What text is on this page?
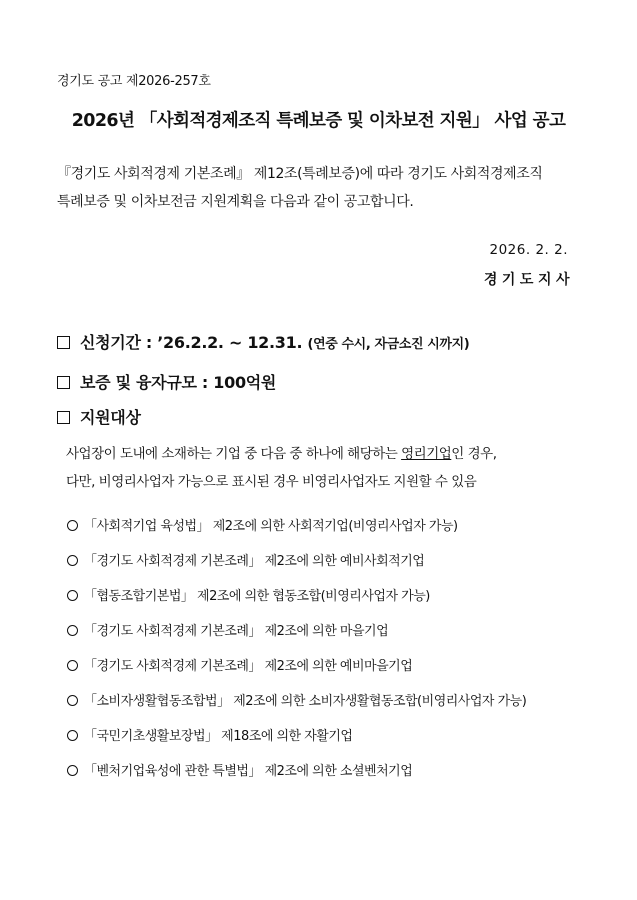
경기도 공고 제2026-257호
2026년 「사회적경제조직 특례보증 및 이차보전 지원」 사업 공고
『경기도 사회적경제 기본조례』 제12조(특례보증)에 따라 경기도 사회적경제조직
특례보증 및 이차보전금 지원계획을 다음과 같이 공고합니다.
2026. 2. 2.
경기도지사
신청기간 : ’26.2.2. ~ 12.31. (연중 수시, 자금소진 시까지)
보증 및 융자규모 : 100억원
지원대상
사업장이 도내에 소재하는 기업 중 다음 중 하나에 해당하는 영리기업인 경우,
다만, 비영리사업자 가능으로 표시된 경우 비영리사업자도 지원할 수 있음
「사회적기업 육성법」 제2조에 의한 사회적기업(비영리사업자 가능)
「경기도 사회적경제 기본조례」 제2조에 의한 예비사회적기업
「협동조합기본법」 제2조에 의한 협동조합(비영리사업자 가능)
「경기도 사회적경제 기본조례」 제2조에 의한 마을기업
「경기도 사회적경제 기본조례」 제2조에 의한 예비마을기업
「소비자생활협동조합법」 제2조에 의한 소비자생활협동조합(비영리사업자 가능)
「국민기초생활보장법」 제18조에 의한 자활기업
「벤처기업육성에 관한 특별법」 제2조에 의한 소셜벤처기업
